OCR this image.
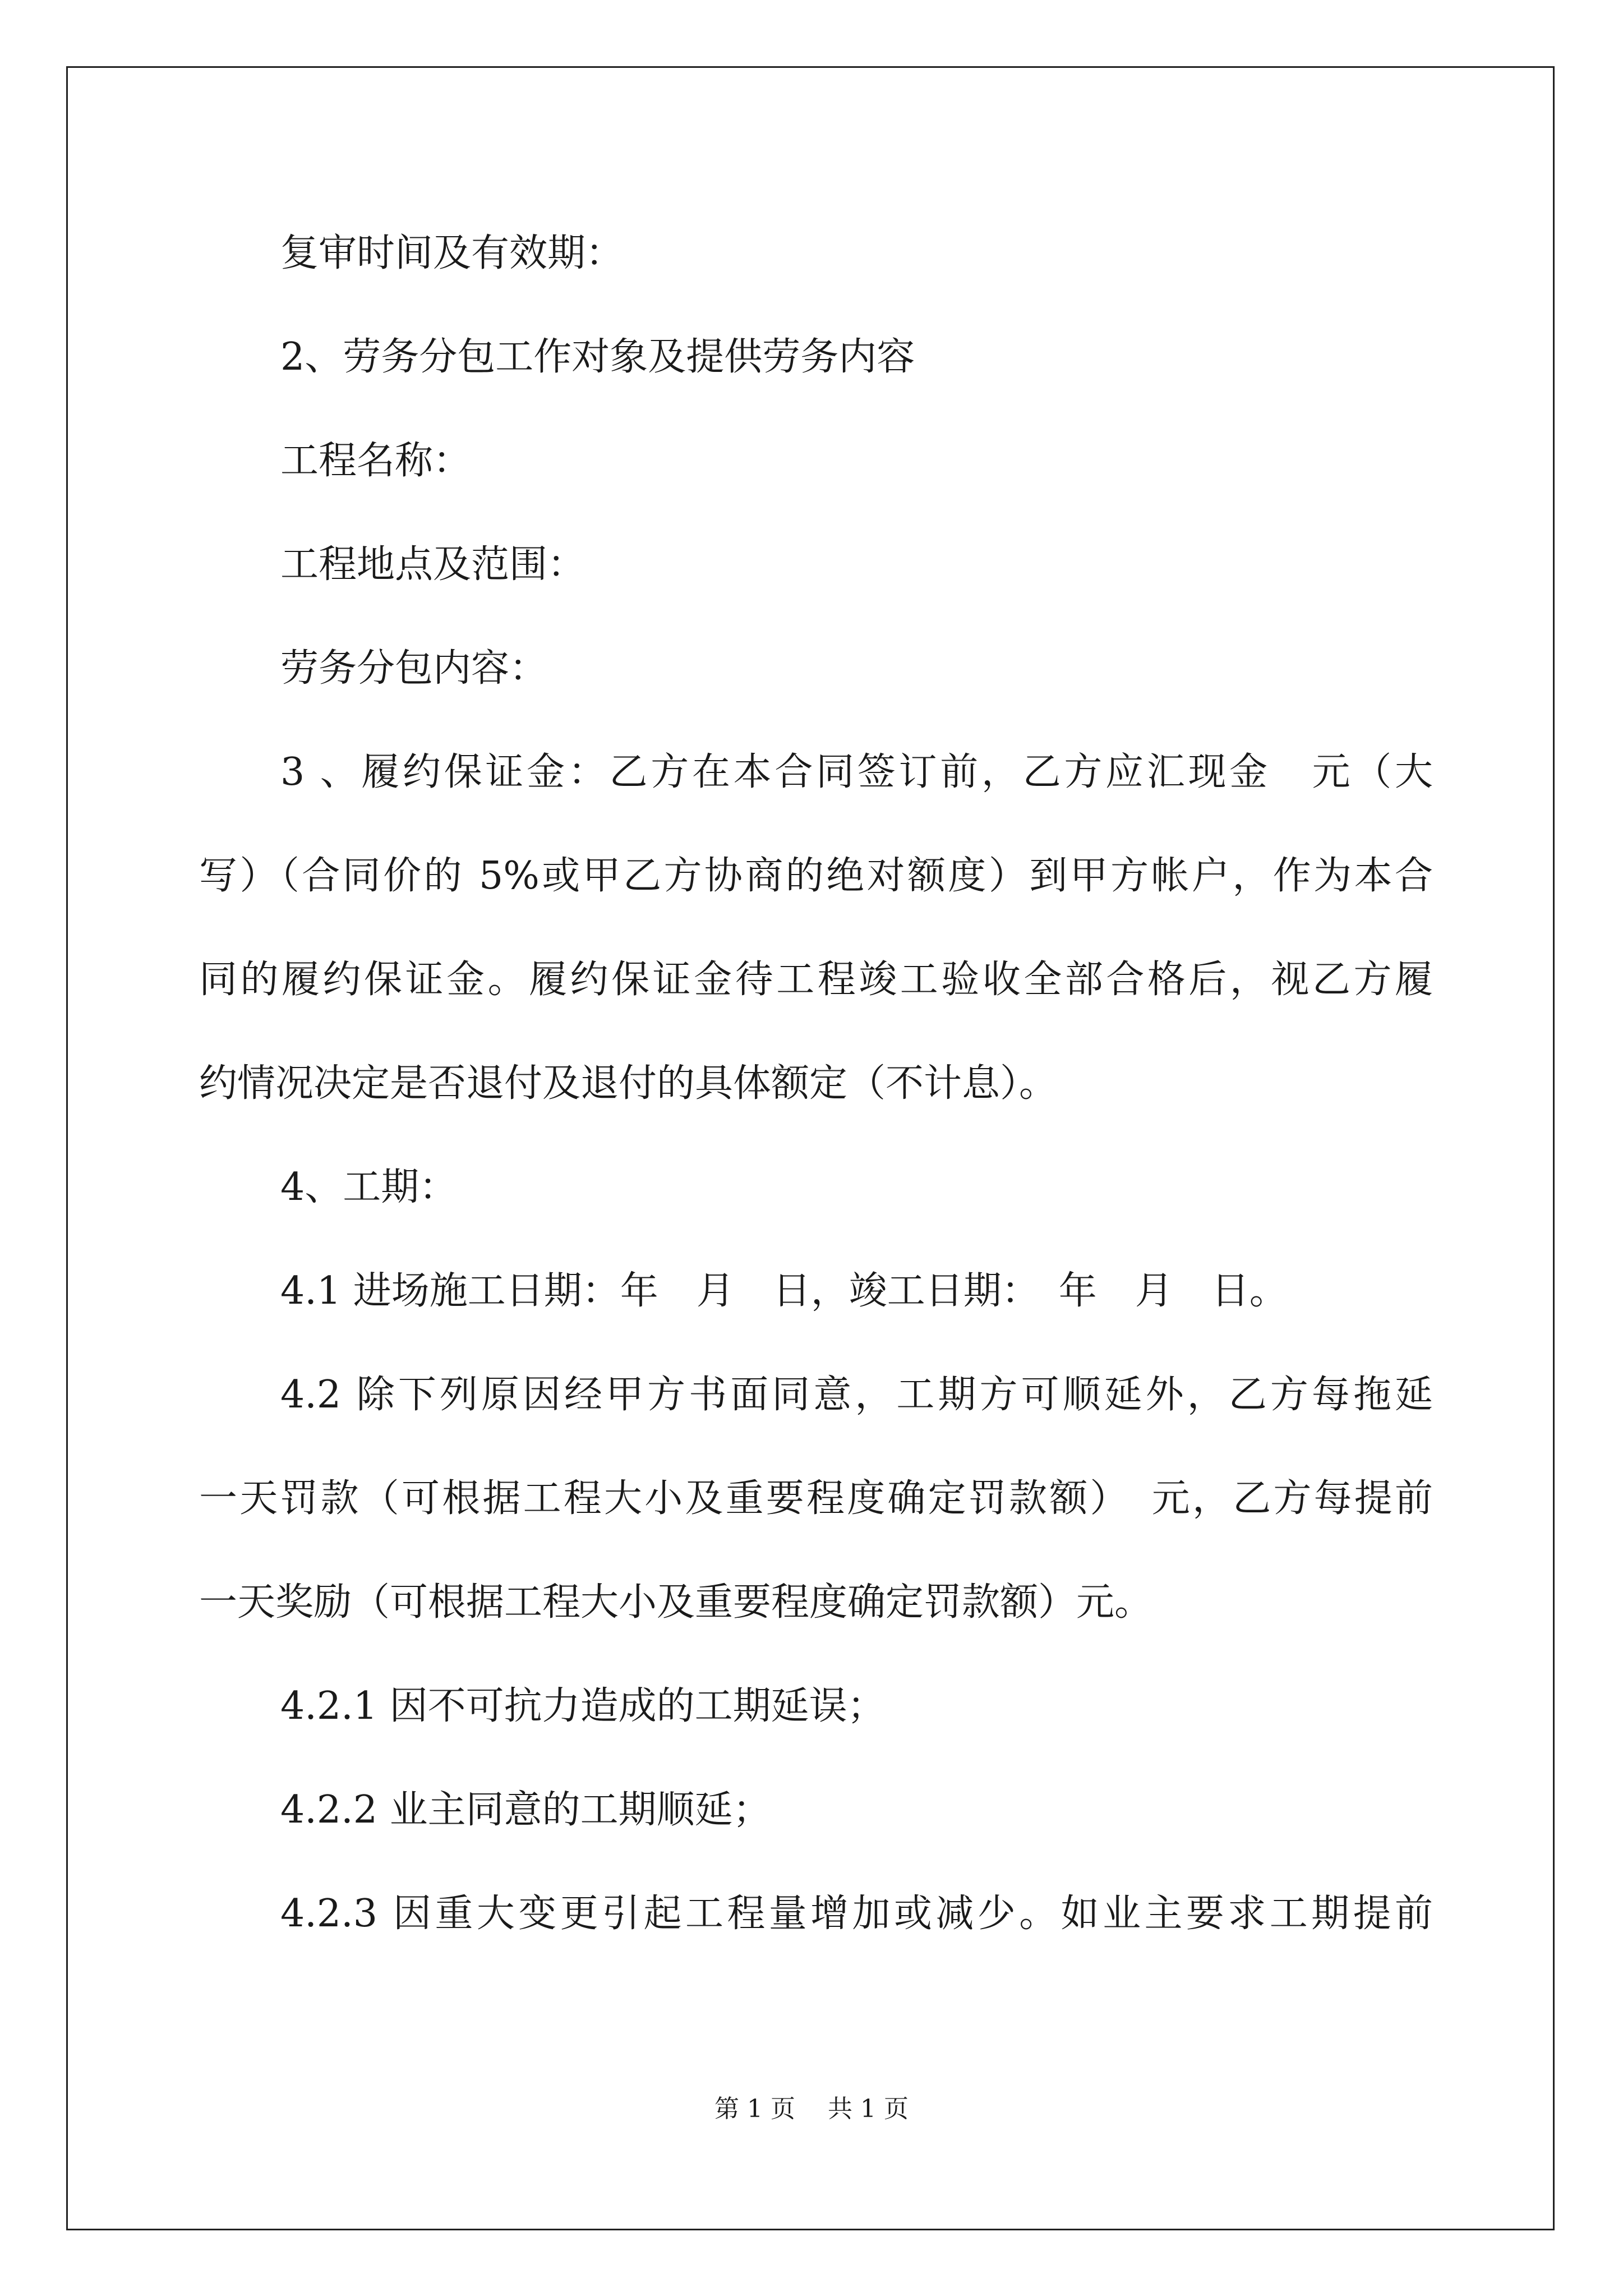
复审时间及有效期：
2、劳务分包工作对象及提供劳务内容
工程名称：
工程地点及范围：
劳务分包内容：
3 、履约保证金：乙方在本合同签订前，乙方应汇现金　元（大
写）（合同价的 5%或甲乙方协商的绝对额度）到甲方帐户，作为本合
同的履约保证金。履约保证金待工程竣工验收全部合格后，视乙方履
约情况决定是否退付及退付的具体额定（不计息）。
4、工期：
4.1 进场施工日期：年　月　日，竣工日期：　年　月　日。
4.2 除下列原因经甲方书面同意，工期方可顺延外，乙方每拖延
一天罚款（可根据工程大小及重要程度确定罚款额）　元，乙方每提前
一天奖励（可根据工程大小及重要程度确定罚款额）元。
4.2.1 因不可抗力造成的工期延误；
4.2.2 业主同意的工期顺延；
4.2.3 因重大变更引起工程量增加或减少。如业主要求工期提前
第 1 页　 共 1 页
